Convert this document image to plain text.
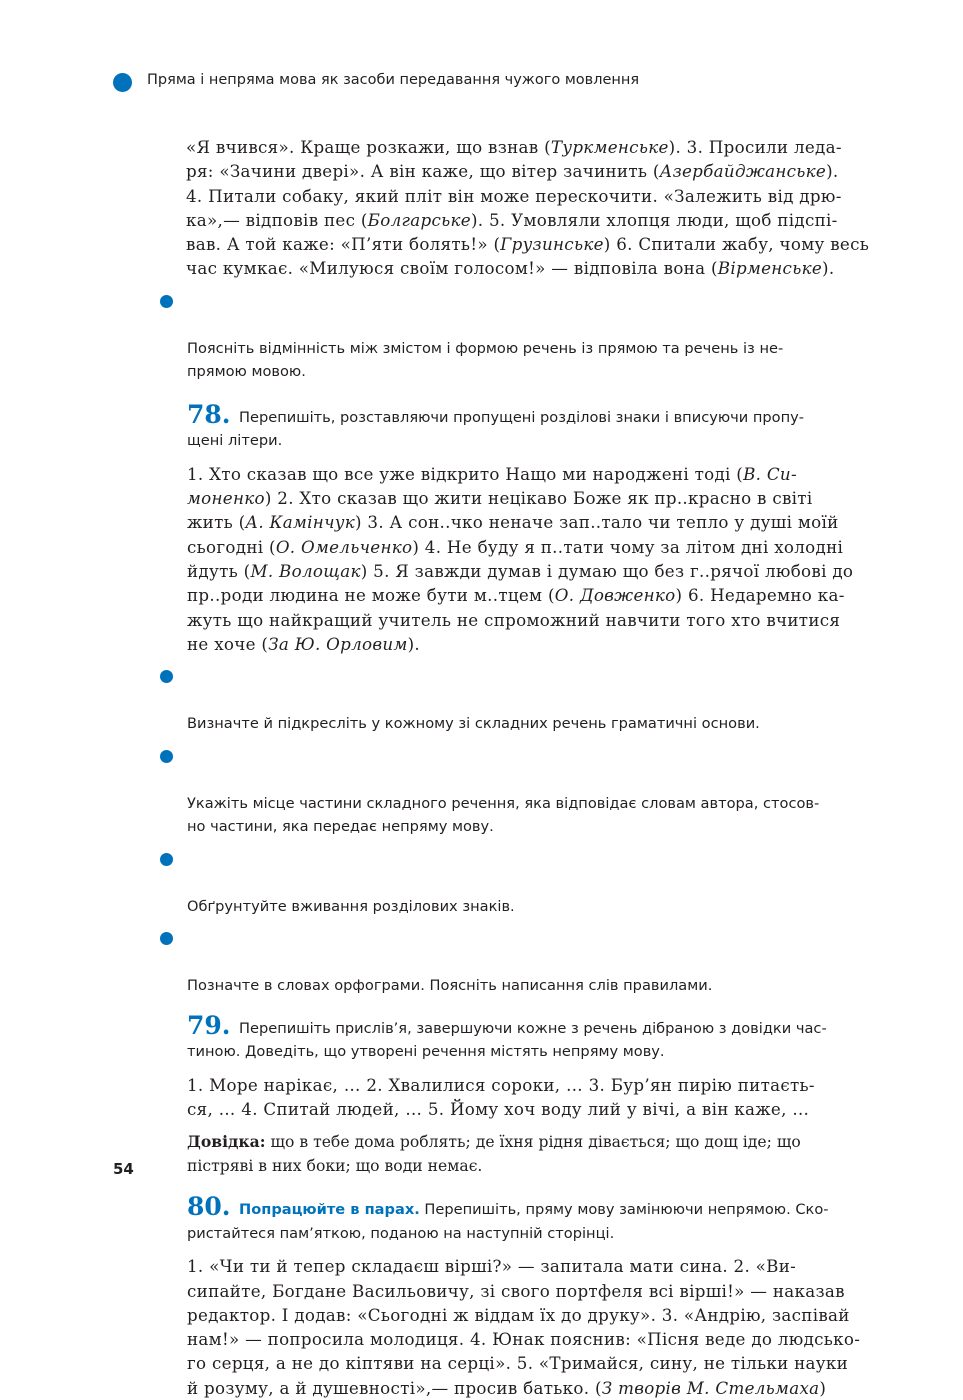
Пряма і непряма мова як засоби передавання чужого мовлення

«Я вчився». Краще розкажи, що взнав (Туркменське). 3. Просили леда-
ря: «Зачини двері». А він каже, що вітер зачинить (Азербайджанське).
4. Питали собаку, який пліт він може перескочити. «Залежить від дрю-
ка»,— відповів пес (Болгарське). 5. Умовляли хлопця люди, щоб підспі-
вав. А той каже: «П’яти болять!» (Грузинське) 6. Спитали жабу, чому весь
час кумкає. «Милуюся своїм голосом!» — відповіла вона (Вірменське).

Поясніть відмінність між змістом і формою речень із прямою та речень із не-
прямою мовою.

78. Перепишіть, розставляючи пропущені розділові знаки і вписуючи пропу-
щені літери.

1. Хто сказав що все уже відкрито Нащо ми народжені тоді (В. Си-
моненко) 2. Хто сказав що жити нецікаво Боже як пр..красно в світі
жить (А. Камінчук) 3. А сон..чко неначе зап..тало чи тепло у душі моїй
сьогодні (О. Омельченко) 4. Не буду я п..тати чому за літом дні холодні
йдуть (М. Волощак) 5. Я завжди думав і думаю що без г..рячої любові до
пр..роди людина не може бути м..тцем (О. Довженко) 6. Недаремно ка-
жуть що найкращий учитель не спроможний навчити того хто вчитися
не хоче (За Ю. Орловим).

Визначте й підкресліть у кожному зі складних речень граматичні основи.

Укажіть місце частини складного речення, яка відповідає словам автора, стосов-
но частини, яка передає непряму мову.

Обґрунтуйте вживання розділових знаків.

Позначте в словах орфограми. Поясніть написання слів правилами.

79. Перепишіть прислів’я, завершуючи кожне з речень дібраною з довідки час-
тиною. Доведіть, що утворені речення містять непряму мову.

1. Море нарікає, … 2. Хвалилися сороки, … 3. Бур’ян пирію питаєть-
ся, … 4. Спитай людей, … 5. Йому хоч воду лий у вічі, а він каже, …

Довідка: що в тебе дома роблять; де їхня рідня дівається; що дощ іде; що
пістряві в них боки; що води немає.

80. Попрацюйте в парах. Перепишіть, пряму мову замінюючи непрямою. Ско-
ристайтеся пам’яткою, поданою на наступній сторінці.

1. «Чи ти й тепер складаєш вірші?» — запитала мати сина. 2. «Ви-
сипайте, Богдане Васильовичу, зі свого портфеля всі вірші!» — наказав
редактор. І додав: «Сьогодні ж віддам їх до друку». 3. «Андрію, заспівай
нам!» — попросила молодиця. 4. Юнак пояснив: «Пісня веде до людсько-
го серця, а не до кіптяви на серці». 5. «Тримайся, сину, не тільки науки
й розуму, а й душевності»,— просив батько. (З творів М. Стельмаха)

54
